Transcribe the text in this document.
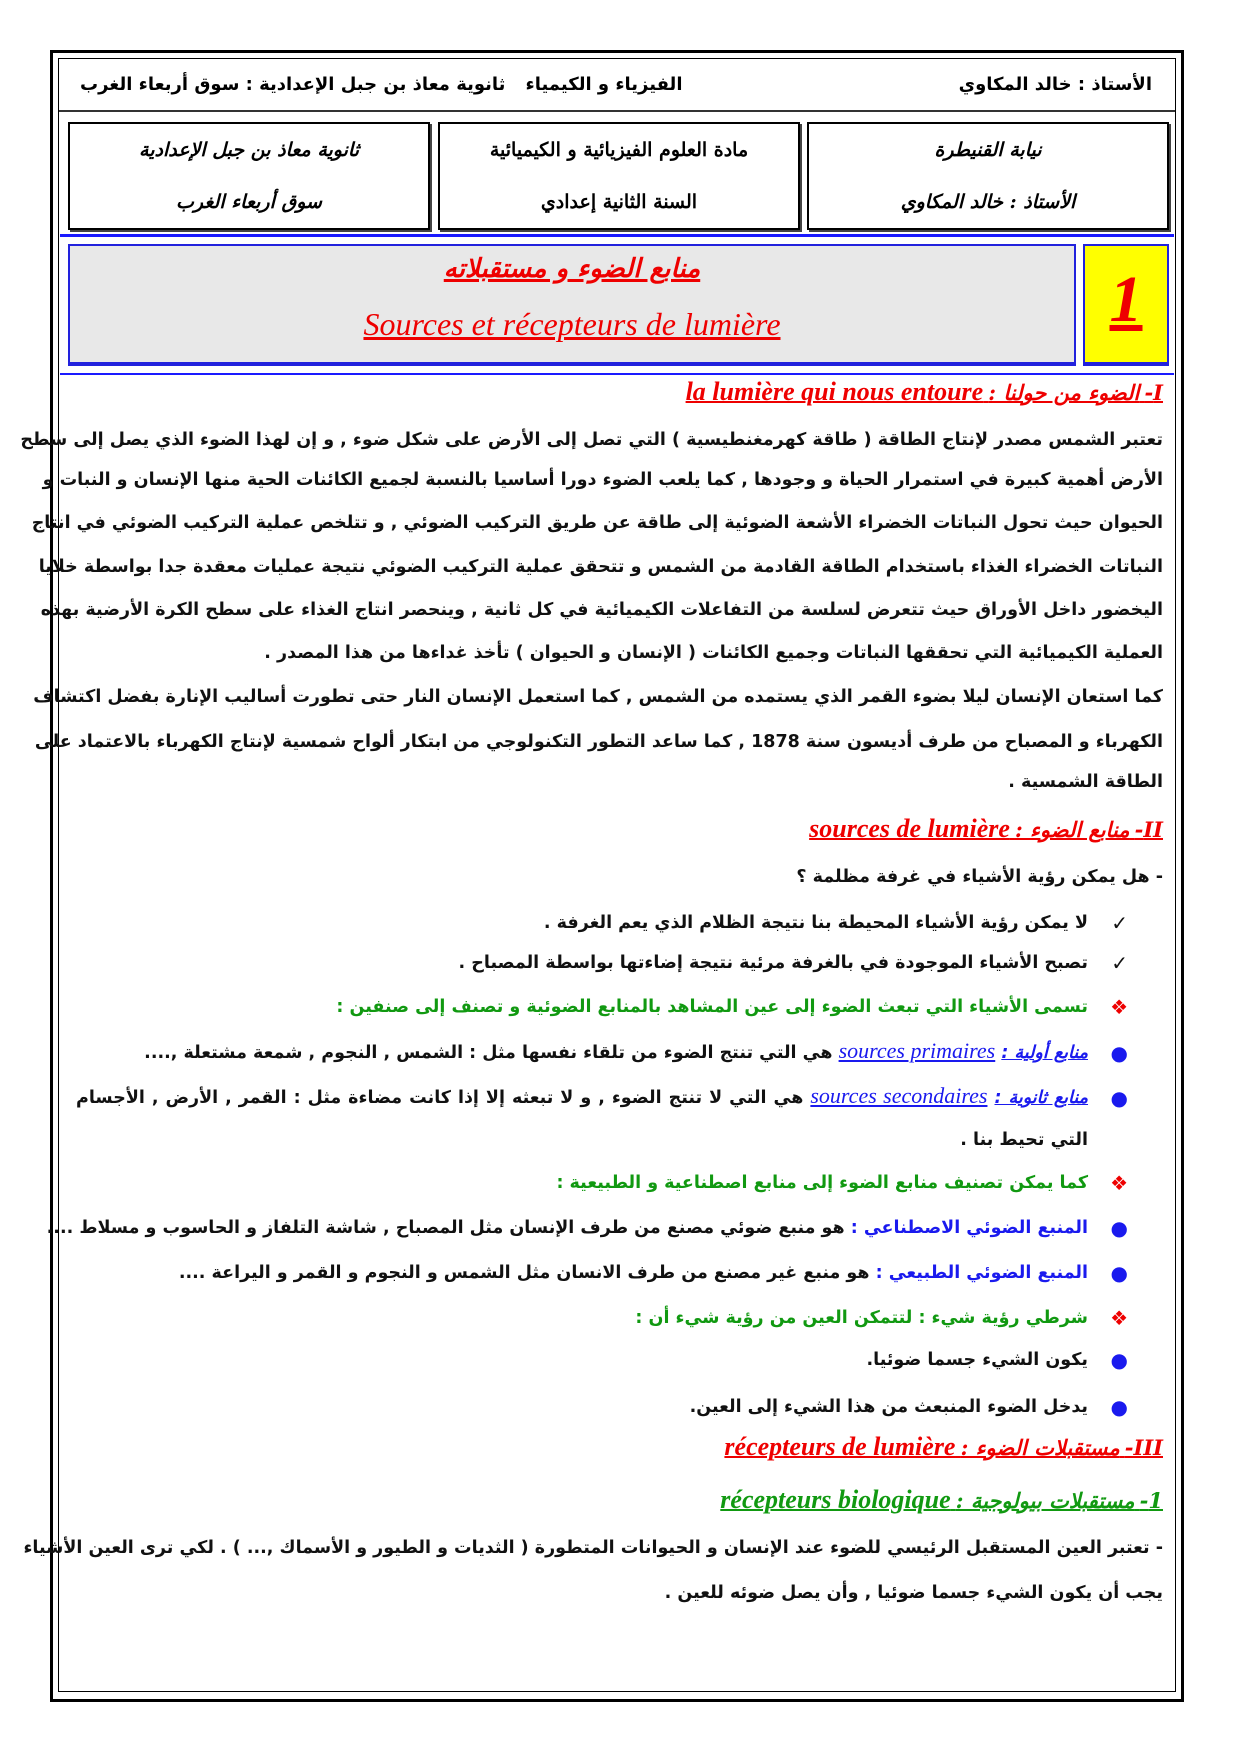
الأستاذ : خالد المكاوي
الفيزياء و الكيمياء
ثانوية معاذ بن جبل الإعدادية : سوق أربعاء الغرب
نيابة القنيطرة
الأستاذ : خالد المكاوي
مادة العلوم الفيزيائية و الكيميائية
السنة الثانية إعدادي
ثانوية معاذ بن جبل الإعدادية
سوق أربعاء الغرب
منابع الضوء و مستقبلاته
Sources et récepteurs de lumière	1
I- الضوء من حولنا : la lumière qui nous entoure
تعتبر الشمس مصدر لإنتاج الطاقة ( طاقة كهرمغنطيسية ) التي تصل إلى الأرض على شكل ضوء , و إن لهذا الضوء الذي يصل إلى سطح
الأرض أهمية كبيرة في استمرار الحياة و وجودها , كما يلعب الضوء دورا أساسيا بالنسبة لجميع الكائنات الحية منها الإنسان و النبات و
الحيوان حيث تحول النباتات الخضراء الأشعة الضوئية إلى طاقة عن طريق التركيب الضوئي , و تتلخص عملية التركيب الضوئي في انتاج
النباتات الخضراء الغذاء باستخدام الطاقة القادمة من الشمس و تتحقق عملية التركيب الضوئي نتيجة عمليات معقدة جدا بواسطة خلايا
اليخضور داخل الأوراق حيث تتعرض لسلسة من التفاعلات الكيميائية في كل ثانية , وينحصر انتاج الغذاء على سطح الكرة الأرضية بهذه
العملية الكيميائية التي تحققها النباتات وجميع الكائنات ( الإنسان و الحيوان ) تأخذ غداءها من هذا المصدر .
كما استعان الإنسان ليلا بضوء القمر الذي يستمده من الشمس , كما استعمل الإنسان النار حتى تطورت أساليب الإنارة بفضل اكتشاف
الكهرباء و المصباح من طرف أديسون سنة 1878 , كما ساعد التطور التكنولوجي من ابتكار ألواح شمسية لإنتاج الكهرباء بالاعتماد على
الطاقة الشمسية .
II- منابع الضوء : sources de lumière
- هل يمكن رؤية الأشياء في غرفة مظلمة ؟
✓
لا يمكن رؤية الأشياء المحيطة بنا نتيجة الظلام الذي يعم الغرفة .
✓
تصبح الأشياء الموجودة في بالغرفة مرئية نتيجة إضاءتها بواسطة المصباح .
❖
تسمى الأشياء التي تبعث الضوء إلى عين المشاهد بالمنابع الضوئية و تصنف إلى صنفين :
●
منابع أولية : sources primaires هي التي تنتج الضوء من تلقاء نفسها مثل : الشمس , النجوم , شمعة مشتعلة ,....
●
منابع ثانوية : sources secondaires هي التي لا تنتج الضوء , و لا تبعثه إلا إذا كانت مضاءة مثل : القمر , الأرض , الأجسام
التي تحيط بنا .
❖
كما يمكن تصنيف منابع الضوء إلى منابع اصطناعية و الطبيعية :
●
المنبع الضوئي الاصطناعي : هو منبع ضوئي مصنع من طرف الإنسان مثل المصباح , شاشة التلفاز و الحاسوب و مسلاط ....
●
المنبع الضوئي الطبيعي : هو منبع غير مصنع من طرف الانسان مثل الشمس و النجوم و القمر و اليراعة ....
❖
شرطي رؤية شيء : لتتمكن العين من رؤية شيء أن :
●
يكون الشيء جسما ضوئيا.
●
يدخل الضوء المنبعث من هذا الشيء إلى العين.
III- مستقبلات الضوء : récepteurs de lumière
1- مستقبلات بيولوجية : récepteurs biologique
- تعتبر العين المستقبل الرئيسي للضوء عند الإنسان و الحيوانات المتطورة ( الثديات و الطيور و الأسماك ,... ) . لكي ترى العين الأشياء
يجب أن يكون الشيء جسما ضوئيا , وأن يصل ضوئه للعين .
